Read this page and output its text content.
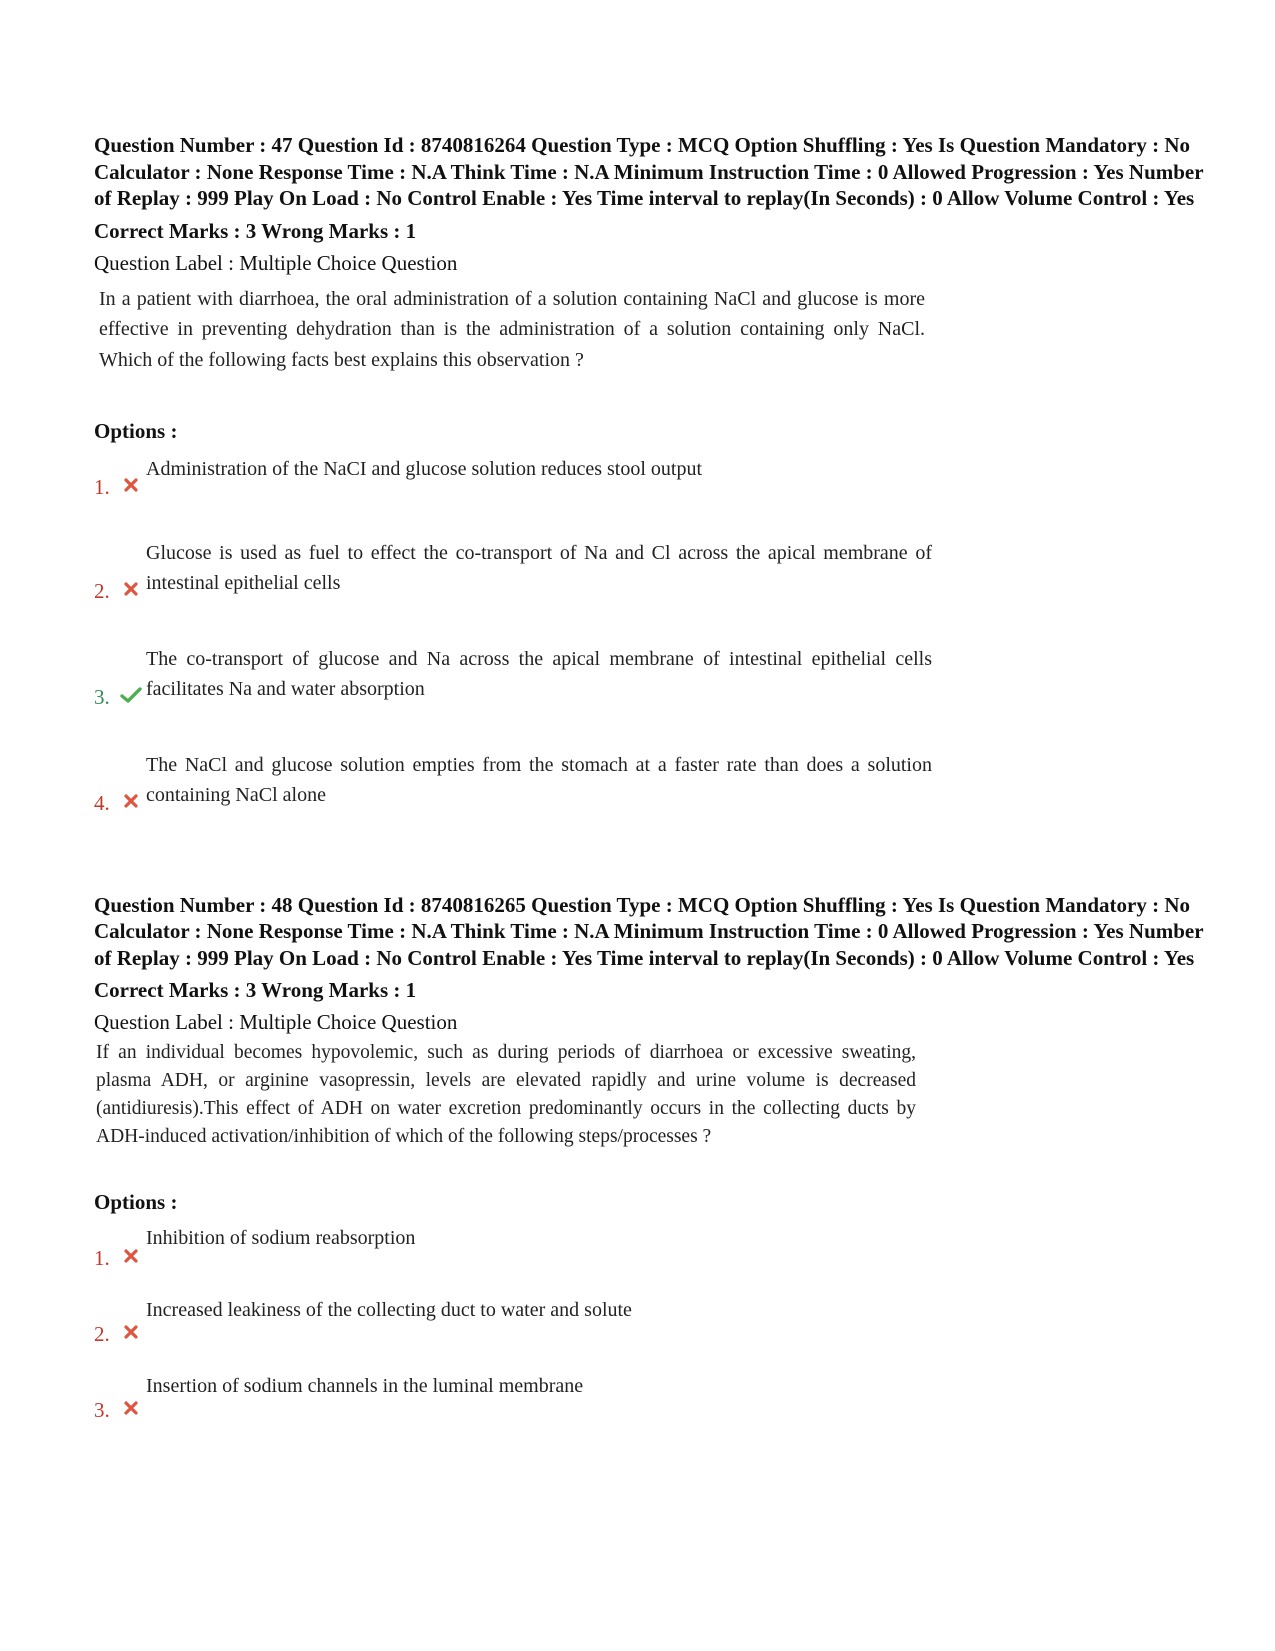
Question Number : 47 Question Id : 8740816264 Question Type : MCQ Option Shuffling : Yes Is Question Mandatory : No Calculator : None Response Time : N.A Think Time : N.A Minimum Instruction Time : 0 Allowed Progression : Yes Number of Replay : 999 Play On Load : No Control Enable : Yes Time interval to replay(In Seconds) : 0 Allow Volume Control : Yes

Correct Marks : 3 Wrong Marks : 1
Question Label : Multiple Choice Question
In a patient with diarrhoea, the oral administration of a solution containing NaCl and glucose is more effective in preventing dehydration than is the administration of a solution containing only NaCl. Which of the following facts best explains this observation ?
Options :
1.
Administration of the NaCI and glucose solution reduces stool output
2.
Glucose is used as fuel to effect the co-transport of Na and Cl across the apical membrane of intestinal epithelial cells
3.
The co-transport of glucose and Na across the apical membrane of intestinal epithelial cells facilitates Na and water absorption
4.
The NaCl and glucose solution empties from the stomach at a faster rate than does a solution containing NaCl alone

Question Number : 48 Question Id : 8740816265 Question Type : MCQ Option Shuffling : Yes Is Question Mandatory : No Calculator : None Response Time : N.A Think Time : N.A Minimum Instruction Time : 0 Allowed Progression : Yes Number of Replay : 999 Play On Load : No Control Enable : Yes Time interval to replay(In Seconds) : 0 Allow Volume Control : Yes

Correct Marks : 3 Wrong Marks : 1
Question Label : Multiple Choice Question
If an individual becomes hypovolemic, such as during periods of diarrhoea or excessive sweating, plasma ADH, or arginine vasopressin, levels are elevated rapidly and urine volume is decreased (antidiuresis).This effect of ADH on water excretion predominantly occurs in the collecting ducts by ADH-induced activation/inhibition of which of the following steps/processes ?
Options :
1.
Inhibition of sodium reabsorption
2.
Increased leakiness of the collecting duct to water and solute
3.
Insertion of sodium channels in the luminal membrane
